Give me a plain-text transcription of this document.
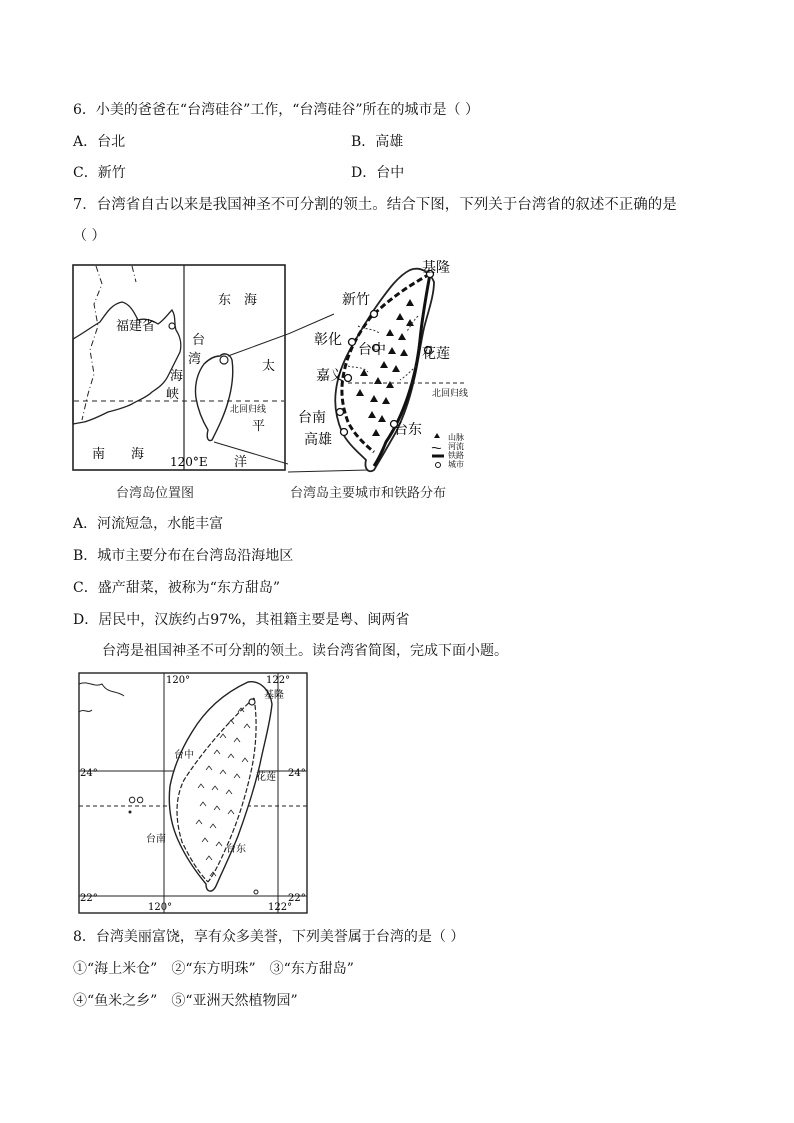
6．小美的爸爸在“台湾硅谷”工作，“台湾硅谷”所在的城市是（ ）
A．台北	B．高雄
C．新竹	D．台中
7．台湾省自古以来是我国神圣不可分割的领土。结合下图，下列关于台湾省的叙述不正确的是
（ ）
福建省
东　海
台
湾
海
峡
太
平
洋
北回归线
南　　海 120°E
基隆
新竹
彰化
台中	花莲
嘉义
台南
高雄
台东
北回归线
山脉
河流
铁路
城市
台湾岛位置图	台湾岛主要城市和铁路分布
A．河流短急，水能丰富
B．城市主要分布在台湾岛沿海地区
C．盛产甜菜，被称为“东方甜岛”
D．居民中，汉族约占97%，其祖籍主要是粤、闽两省
台湾是祖国神圣不可分割的领土。读台湾省简图，完成下面小题。
120°	122°
24°	24°
22°	22°
120°	122°
基隆
台中
花莲
台南
台东
8．台湾美丽富饶，享有众多美誉，下列美誉属于台湾的是（ ）
①“海上米仓”　②“东方明珠”　③“东方甜岛”
④“鱼米之乡”　⑤“亚洲天然植物园”
